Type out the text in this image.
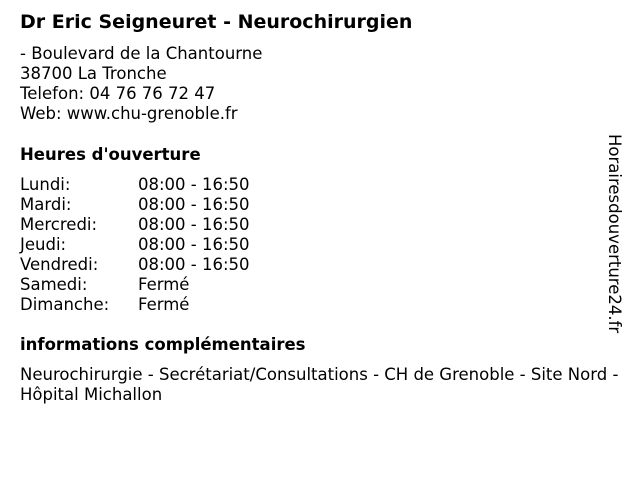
Dr Eric Seigneuret - Neurochirurgien
- Boulevard de la Chantourne
38700 La Tronche
Telefon: 04 76 76 72 47
Web: www.chu-grenoble.fr
Heures d'ouverture
Lundi:	08:00 - 16:50
Mardi:	08:00 - 16:50
Mercredi:	08:00 - 16:50
Jeudi:	08:00 - 16:50
Vendredi:	08:00 - 16:50
Samedi:	Fermé
Dimanche:	Fermé
informations complémentaires
Neurochirurgie - Secrétariat/Consultations - CH de Grenoble - Site Nord - Hôpital Michallon
Horairesdouverture24.fr
